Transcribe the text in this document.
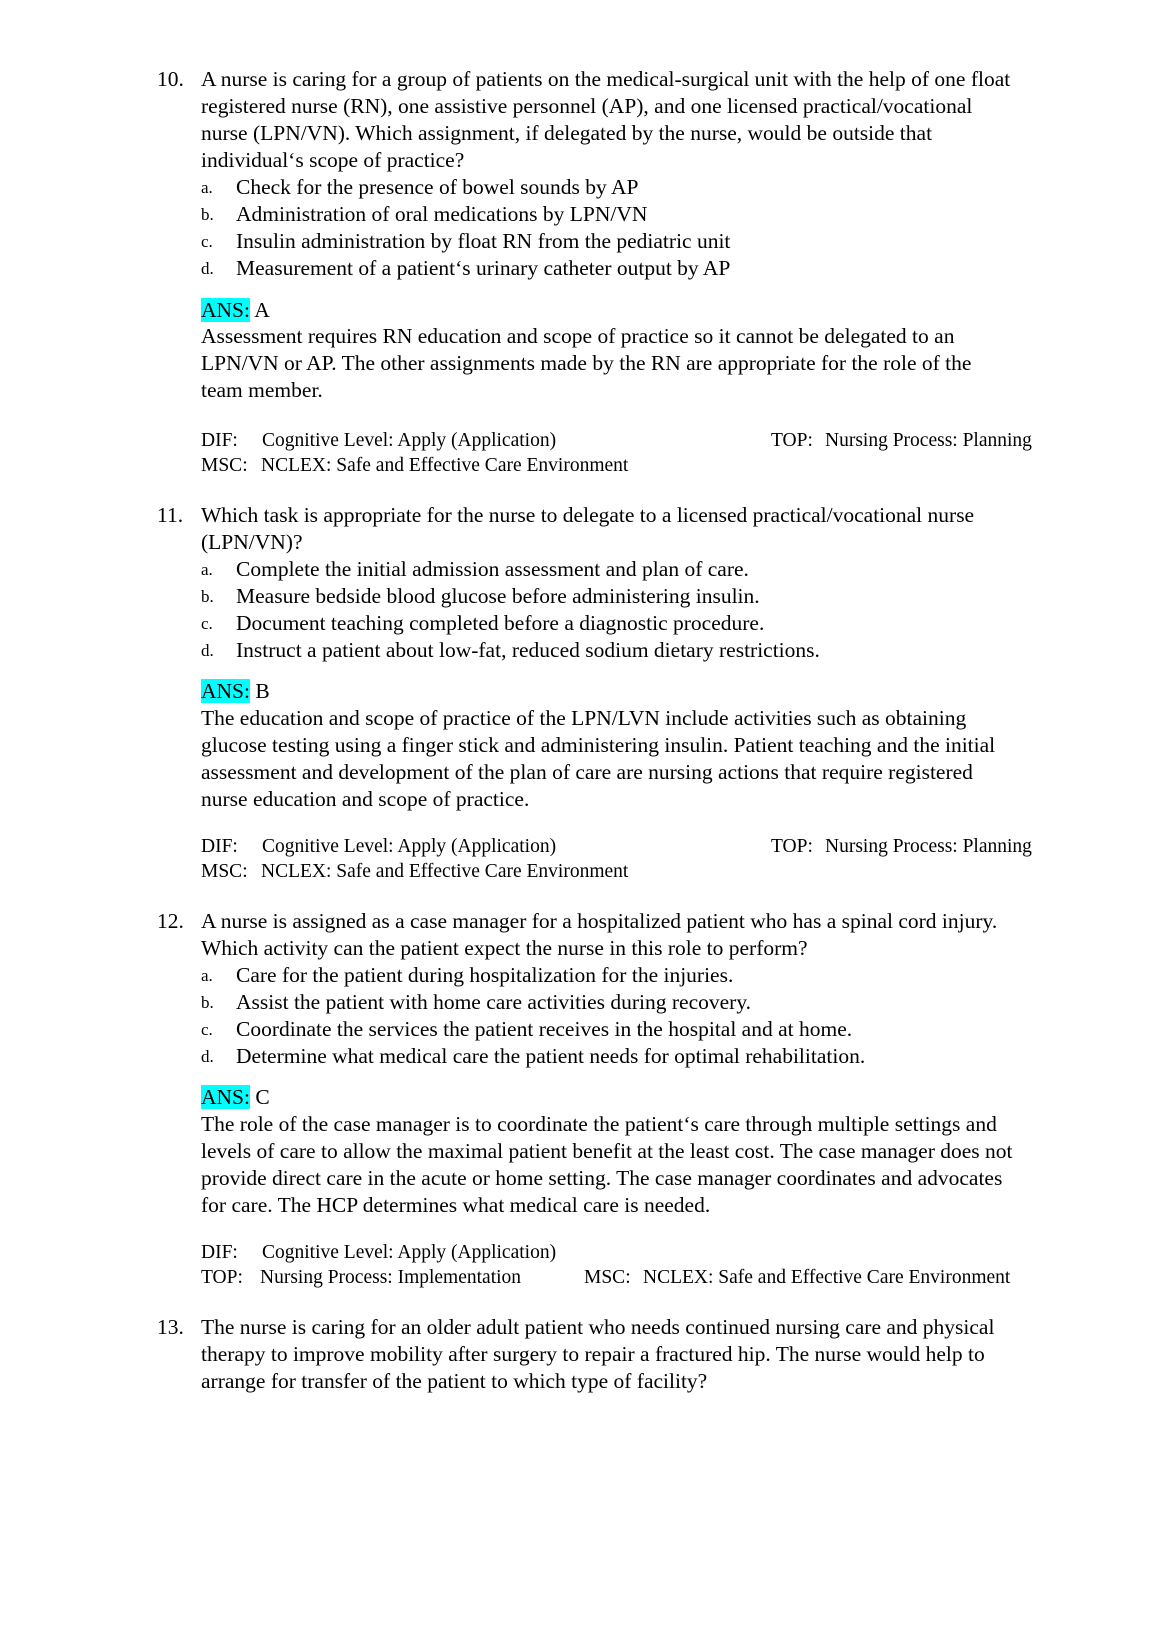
10. A nurse is caring for a group of patients on the medical-surgical unit with the help of one float
registered nurse (RN), one assistive personnel (AP), and one licensed practical/vocational
nurse (LPN/VN). Which assignment, if delegated by the nurse, would be outside that
individual‘s scope of practice?
a. Check for the presence of bowel sounds by AP
b. Administration of oral medications by LPN/VN
c. Insulin administration by float RN from the pediatric unit
d. Measurement of a patient‘s urinary catheter output by AP
ANS: A
Assessment requires RN education and scope of practice so it cannot be delegated to an
LPN/VN or AP. The other assignments made by the RN are appropriate for the role of the
team member.
DIF: Cognitive Level: Apply (Application)	TOP: Nursing Process: Planning
MSC: NCLEX: Safe and Effective Care Environment
11. Which task is appropriate for the nurse to delegate to a licensed practical/vocational nurse
(LPN/VN)?
a. Complete the initial admission assessment and plan of care.
b. Measure bedside blood glucose before administering insulin.
c. Document teaching completed before a diagnostic procedure.
d. Instruct a patient about low-fat, reduced sodium dietary restrictions.
ANS: B
The education and scope of practice of the LPN/LVN include activities such as obtaining
glucose testing using a finger stick and administering insulin. Patient teaching and the initial
assessment and development of the plan of care are nursing actions that require registered
nurse education and scope of practice.
DIF: Cognitive Level: Apply (Application)	TOP: Nursing Process: Planning
MSC: NCLEX: Safe and Effective Care Environment
12. A nurse is assigned as a case manager for a hospitalized patient who has a spinal cord injury.
Which activity can the patient expect the nurse in this role to perform?
a. Care for the patient during hospitalization for the injuries.
b. Assist the patient with home care activities during recovery.
c. Coordinate the services the patient receives in the hospital and at home.
d. Determine what medical care the patient needs for optimal rehabilitation.
ANS: C
The role of the case manager is to coordinate the patient‘s care through multiple settings and
levels of care to allow the maximal patient benefit at the least cost. The case manager does not
provide direct care in the acute or home setting. The case manager coordinates and advocates
for care. The HCP determines what medical care is needed.
DIF: Cognitive Level: Apply (Application)
TOP: Nursing Process: Implementation	MSC: NCLEX: Safe and Effective Care Environment
13. The nurse is caring for an older adult patient who needs continued nursing care and physical
therapy to improve mobility after surgery to repair a fractured hip. The nurse would help to
arrange for transfer of the patient to which type of facility?
